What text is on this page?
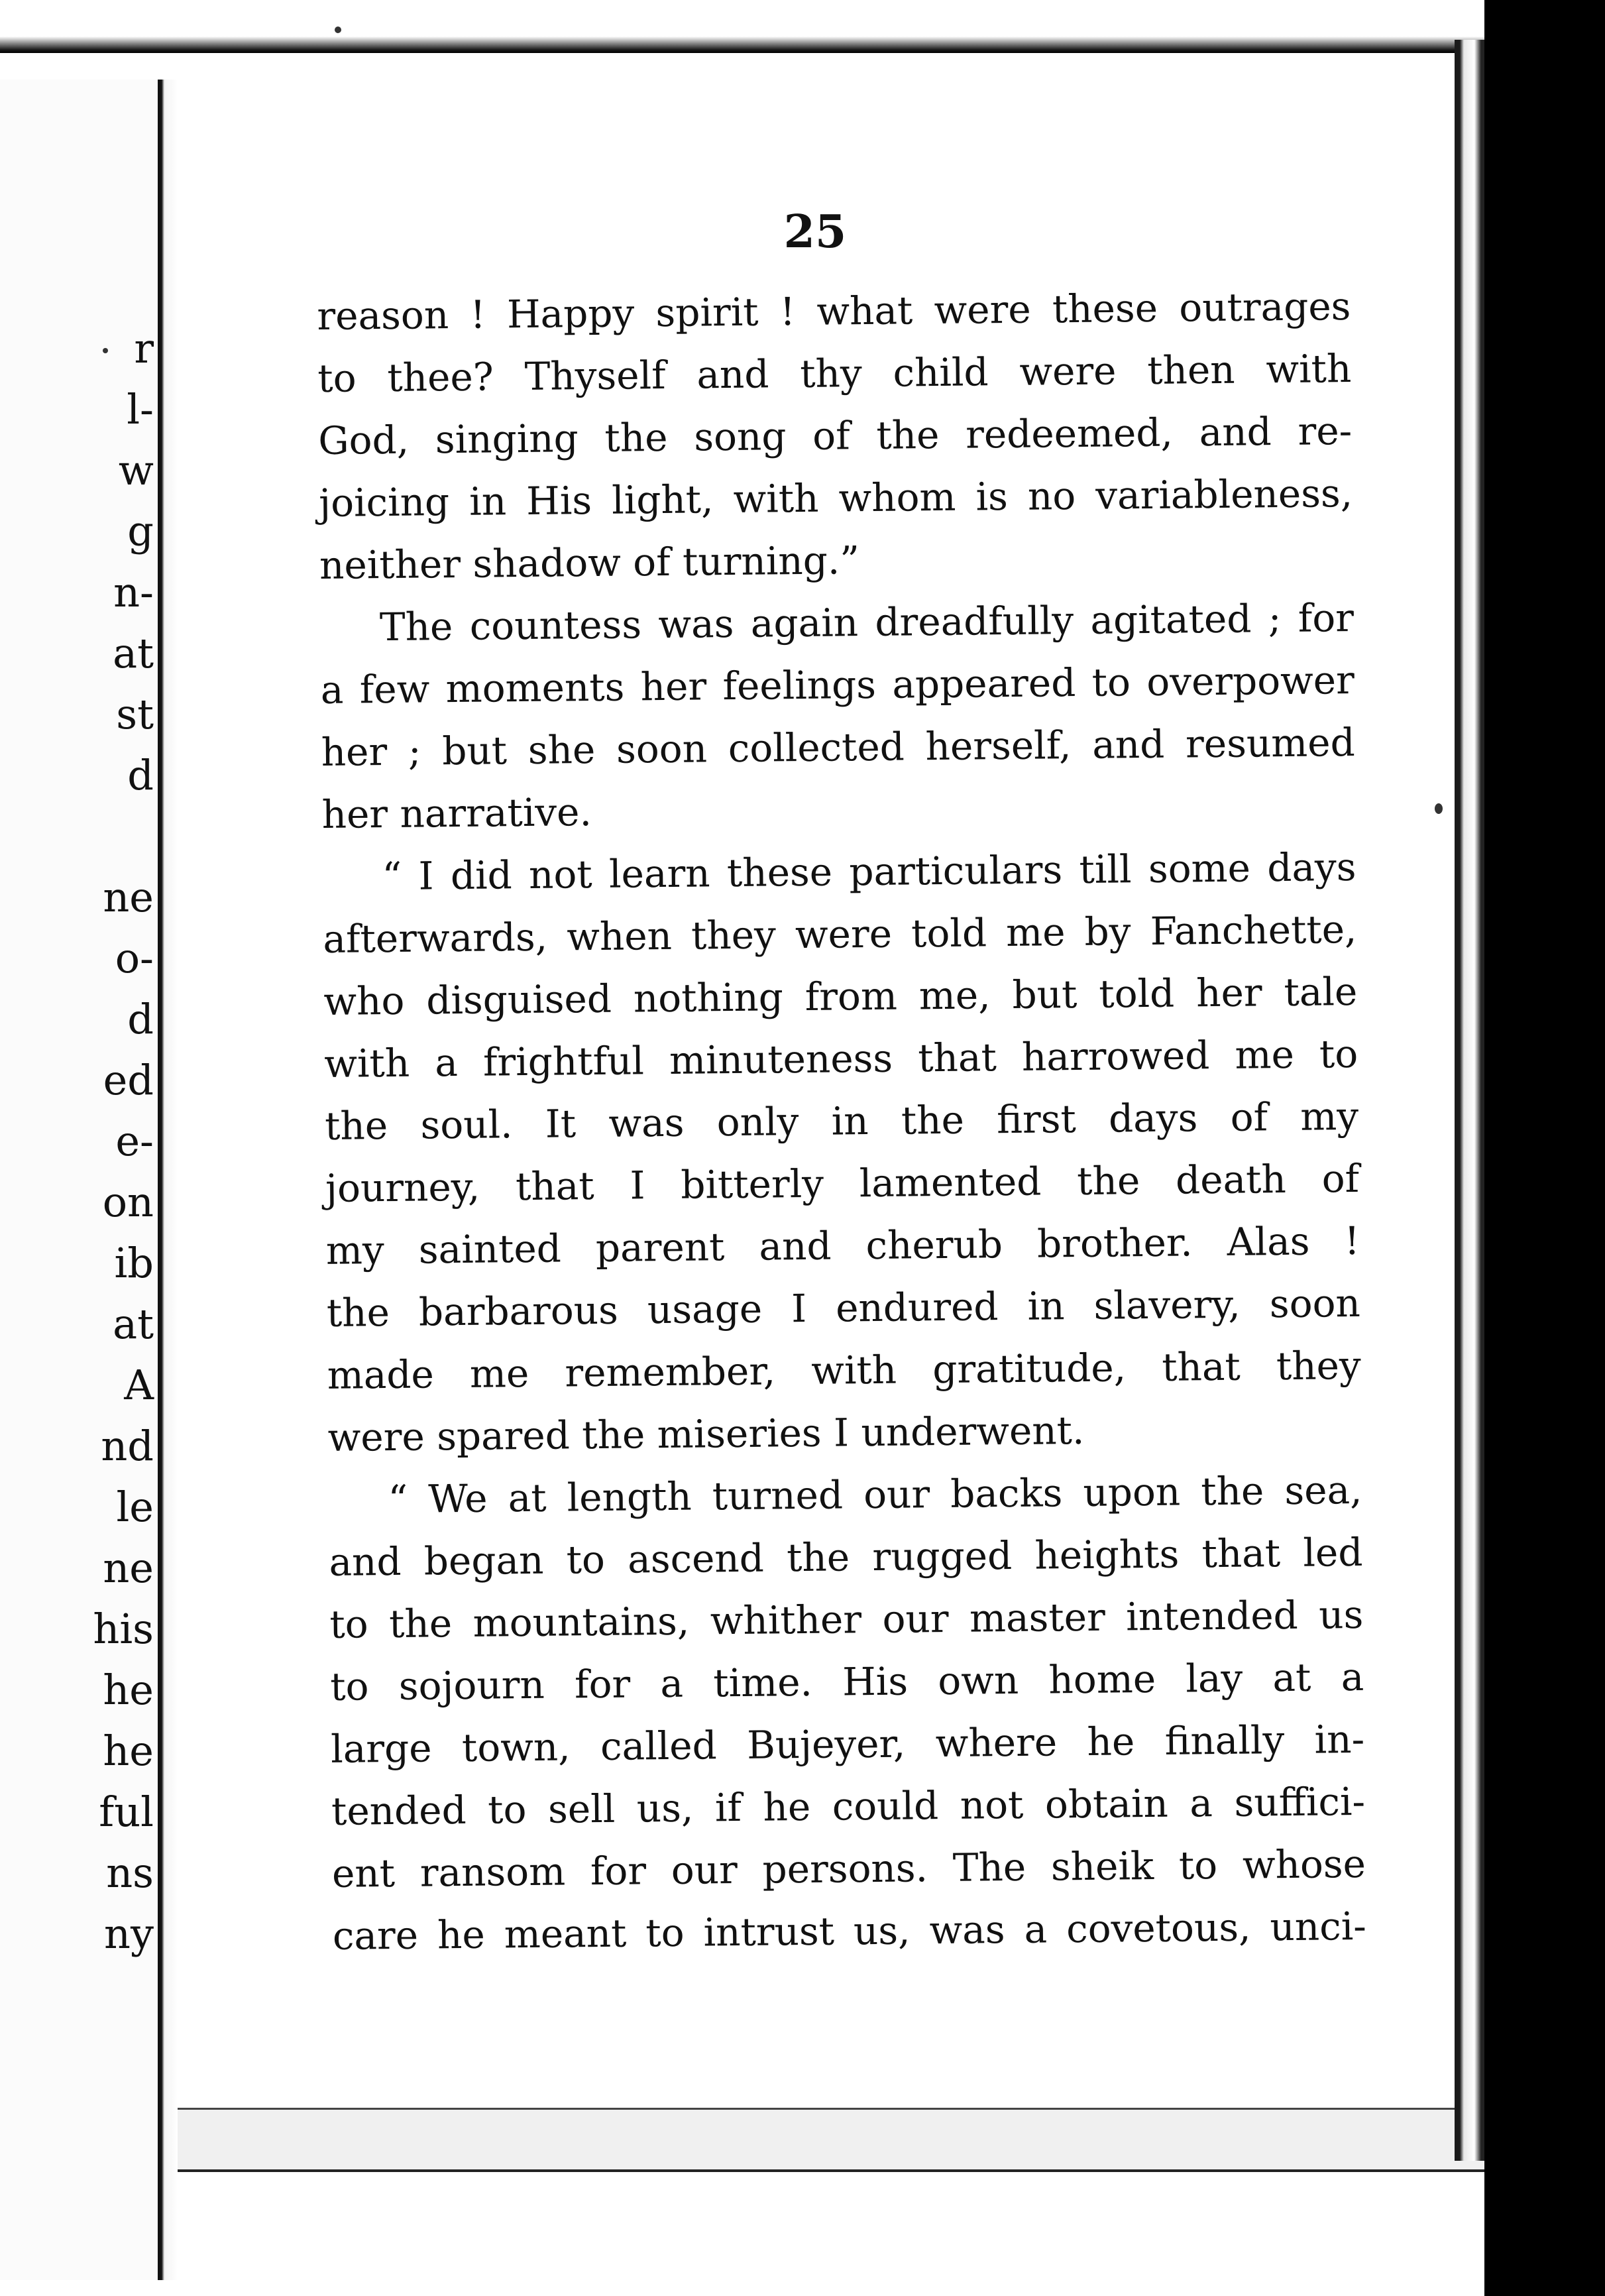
r
l-
w
g
n-
at
st
d
ne
o-
d
ed
e-
on
ib
at
A
nd
le
ne
his
he
he
ful
ns
ny
25
reason ! Happy spirit ! what were these outrages
to thee? Thyself and thy child were then with
God, singing the song of the redeemed, and re-
joicing in His light, with whom is no variableness,
neither shadow of turning.”
The countess was again dreadfully agitated ; for
a few moments her feelings appeared to overpower
her ; but she soon collected herself, and resumed
her narrative.
“ I did not learn these particulars till some days
afterwards, when they were told me by Fanchette,
who disguised nothing from me, but told her tale
with a frightful minuteness that harrowed me to
the soul. It was only in the first days of my
journey, that I bitterly lamented the death of
my sainted parent and cherub brother. Alas !
the barbarous usage I endured in slavery, soon
made me remember, with gratitude, that they
were spared the miseries I underwent.
“ We at length turned our backs upon the sea,
and began to ascend the rugged heights that led
to the mountains, whither our master intended us
to sojourn for a time. His own home lay at a
large town, called Bujeyer, where he finally in-
tended to sell us, if he could not obtain a suffici-
ent ransom for our persons. The sheik to whose
care he meant to intrust us, was a covetous, unci-
